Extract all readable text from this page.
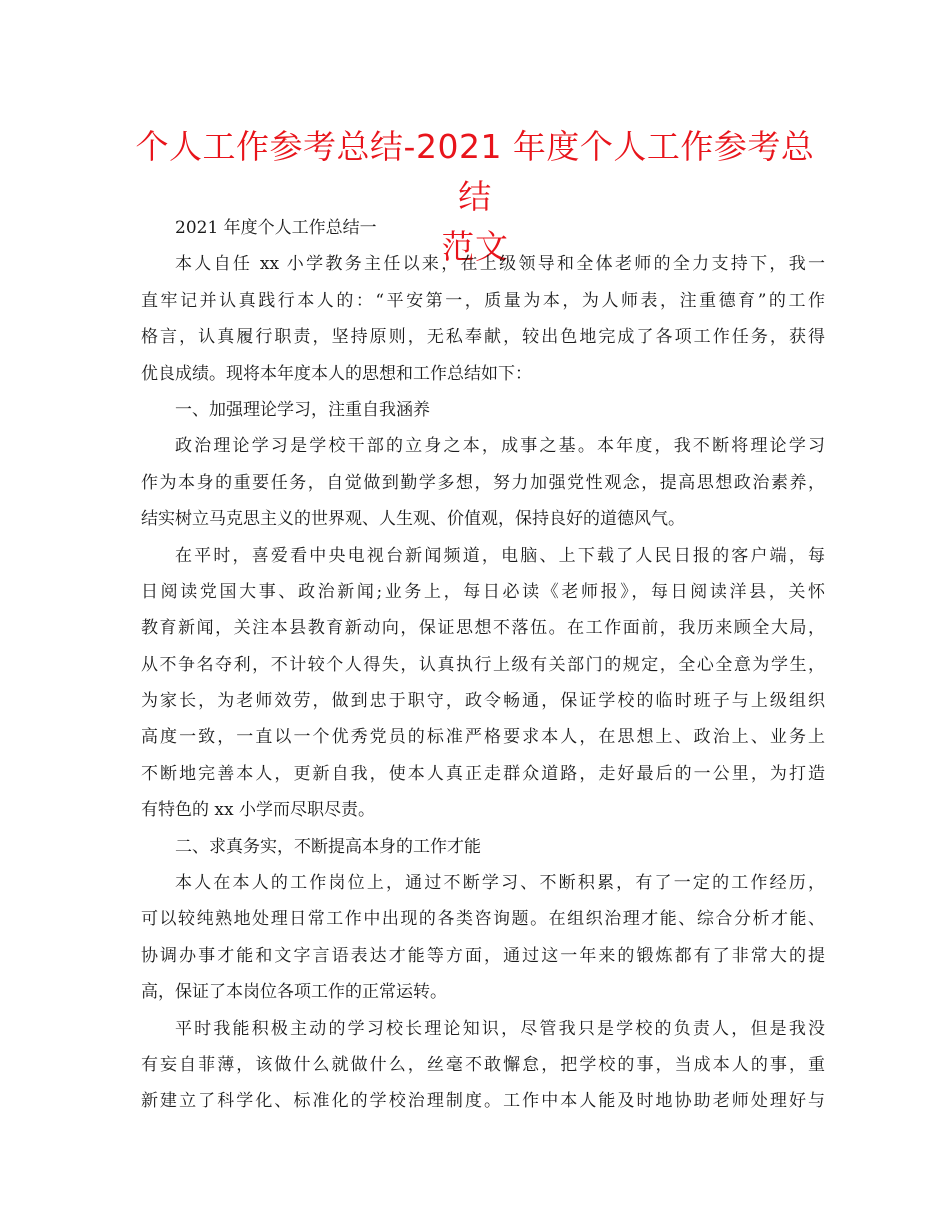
个人工作参考总结-2021 年度个人工作参考总结
范文
2021 年度个人工作总结一
本人自任 xx 小学教务主任以来，在上级领导和全体老师的全力支持下，我一
直牢记并认真践行本人的：“平安第一，质量为本，为人师表，注重德育”的工作
格言，认真履行职责，坚持原则，无私奉献，较出色地完成了各项工作任务，获得
优良成绩。现将本年度本人的思想和工作总结如下：
一、加强理论学习，注重自我涵养
政治理论学习是学校干部的立身之本，成事之基。本年度，我不断将理论学习
作为本身的重要任务，自觉做到勤学多想，努力加强党性观念，提高思想政治素养，
结实树立马克思主义的世界观、人生观、价值观，保持良好的道德风气。
在平时，喜爱看中央电视台新闻频道，电脑、上下载了人民日报的客户端，每
日阅读党国大事、政治新闻;业务上，每日必读《老师报》，每日阅读洋县，关怀
教育新闻，关注本县教育新动向，保证思想不落伍。在工作面前，我历来顾全大局，
从不争名夺利，不计较个人得失，认真执行上级有关部门的规定，全心全意为学生，
为家长，为老师效劳，做到忠于职守，政令畅通，保证学校的临时班子与上级组织
高度一致，一直以一个优秀党员的标准严格要求本人，在思想上、政治上、业务上
不断地完善本人，更新自我，使本人真正走群众道路，走好最后的一公里，为打造
有特色的 xx 小学而尽职尽责。
二、求真务实，不断提高本身的工作才能
本人在本人的工作岗位上，通过不断学习、不断积累，有了一定的工作经历，
可以较纯熟地处理日常工作中出现的各类咨询题。在组织治理才能、综合分析才能、
协调办事才能和文字言语表达才能等方面，通过这一年来的锻炼都有了非常大的提
高，保证了本岗位各项工作的正常运转。
平时我能积极主动的学习校长理论知识，尽管我只是学校的负责人，但是我没
有妄自菲薄，该做什么就做什么，丝毫不敢懈怠，把学校的事，当成本人的事，重
新建立了科学化、标准化的学校治理制度。工作中本人能及时地协助老师处理好与
